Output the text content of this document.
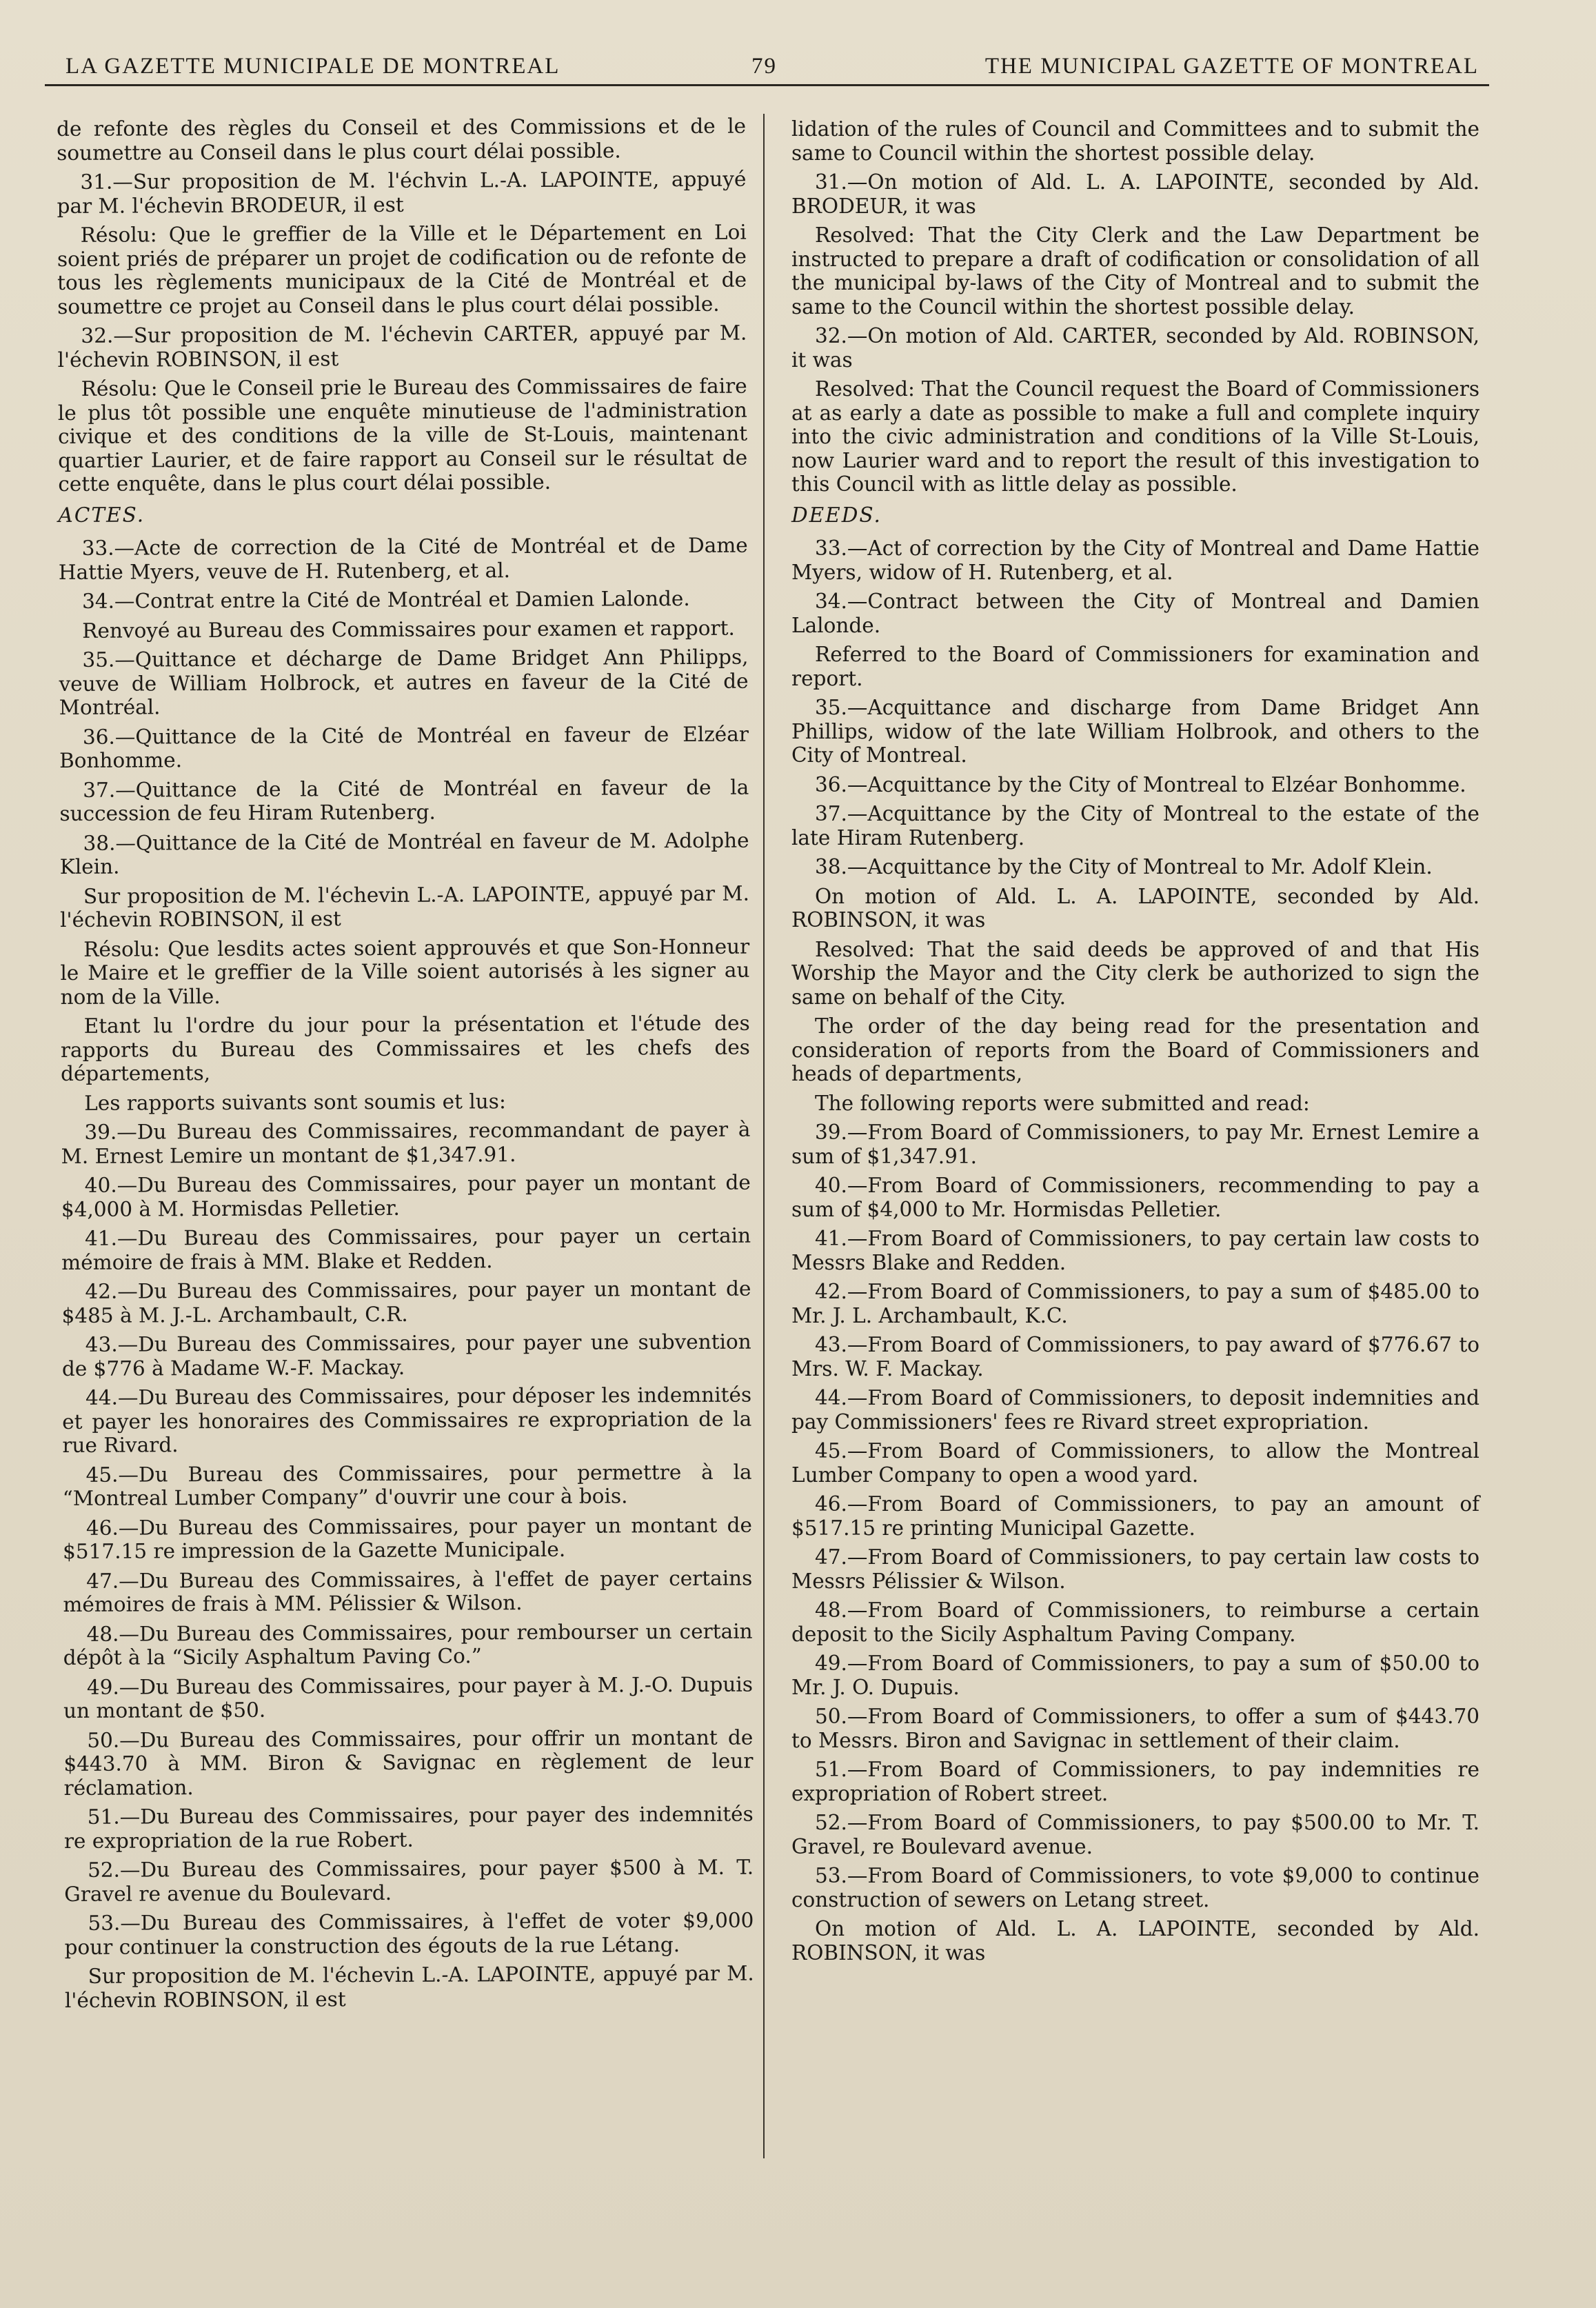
LA GAZETTE MUNICIPALE DE MONTREAL	79	THE MUNICIPAL GAZETTE OF MONTREAL

de refonte des règles du Conseil et des Commissions et de le soumettre au Conseil dans le plus court délai possible.

31.—Sur proposition de M. l'échvin L.-A. LAPOINTE, appuyé par M. l'échevin BRODEUR, il est

Résolu: Que le greffier de la Ville et le Département en Loi soient priés de préparer un projet de codification ou de refonte de tous les règlements municipaux de la Cité de Montréal et de soumettre ce projet au Conseil dans le plus court délai possible.

32.—Sur proposition de M. l'échevin CARTER, appuyé par M. l'échevin ROBINSON, il est

Résolu: Que le Conseil prie le Bureau des Commissaires de faire le plus tôt possible une enquête minutieuse de l'administration civique et des conditions de la ville de St-Louis, maintenant quartier Laurier, et de faire rapport au Conseil sur le résultat de cette enquête, dans le plus court délai possible.

ACTES.

33.—Acte de correction de la Cité de Montréal et de Dame Hattie Myers, veuve de H. Rutenberg, et al.

34.—Contrat entre la Cité de Montréal et Damien Lalonde.

Renvoyé au Bureau des Commissaires pour examen et rapport.

35.—Quittance et décharge de Dame Bridget Ann Philipps, veuve de William Holbrock, et autres en faveur de la Cité de Montréal.

36.—Quittance de la Cité de Montréal en faveur de Elzéar Bonhomme.

37.—Quittance de la Cité de Montréal en faveur de la succession de feu Hiram Rutenberg.

38.—Quittance de la Cité de Montréal en faveur de M. Adolphe Klein.

Sur proposition de M. l'échevin L.-A. LAPOINTE, appuyé par M. l'échevin ROBINSON, il est

Résolu: Que lesdits actes soient approuvés et que Son-Honneur le Maire et le greffier de la Ville soient autorisés à les signer au nom de la Ville.

Etant lu l'ordre du jour pour la présentation et l'étude des rapports du Bureau des Commissaires et les chefs des départements,

Les rapports suivants sont soumis et lus:

39.—Du Bureau des Commissaires, recommandant de payer à M. Ernest Lemire un montant de $1,347.91.

40.—Du Bureau des Commissaires, pour payer un montant de $4,000 à M. Hormisdas Pelletier.

41.—Du Bureau des Commissaires, pour payer un certain mémoire de frais à MM. Blake et Redden.

42.—Du Bureau des Commissaires, pour payer un montant de $485 à M. J.-L. Archambault, C.R.

43.—Du Bureau des Commissaires, pour payer une subvention de $776 à Madame W.-F. Mackay.

44.—Du Bureau des Commissaires, pour déposer les indemnités et payer les honoraires des Commissaires re expropriation de la rue Rivard.

45.—Du Bureau des Commissaires, pour permettre à la “Montreal Lumber Company” d'ouvrir une cour à bois.

46.—Du Bureau des Commissaires, pour payer un montant de $517.15 re impression de la Gazette Municipale.

47.—Du Bureau des Commissaires, à l'effet de payer certains mémoires de frais à MM. Pélissier & Wilson.

48.—Du Bureau des Commissaires, pour rembourser un certain dépôt à la “Sicily Asphaltum Paving Co.”

49.—Du Bureau des Commissaires, pour payer à M. J.-O. Dupuis un montant de $50.

50.—Du Bureau des Commissaires, pour offrir un montant de $443.70 à MM. Biron & Savignac en règlement de leur réclamation.

51.—Du Bureau des Commissaires, pour payer des indemnités re expropriation de la rue Robert.

52.—Du Bureau des Commissaires, pour payer $500 à M. T. Gravel re avenue du Boulevard.

53.—Du Bureau des Commissaires, à l'effet de voter $9,000 pour continuer la construction des égouts de la rue Létang.

Sur proposition de M. l'échevin L.-A. LAPOINTE, appuyé par M. l'échevin ROBINSON, il est

lidation of the rules of Council and Committees and to submit the same to Council within the shortest possible delay.

31.—On motion of Ald. L. A. LAPOINTE, seconded by Ald. BRODEUR, it was

Resolved: That the City Clerk and the Law Department be instructed to prepare a draft of codification or consolidation of all the municipal by-laws of the City of Montreal and to submit the same to the Council within the shortest possible delay.

32.—On motion of Ald. CARTER, seconded by Ald. ROBINSON, it was

Resolved: That the Council request the Board of Commissioners at as early a date as possible to make a full and complete inquiry into the civic administration and conditions of la Ville St-Louis, now Laurier ward and to report the result of this investigation to this Council with as little delay as possible.

DEEDS.

33.—Act of correction by the City of Montreal and Dame Hattie Myers, widow of H. Rutenberg, et al.

34.—Contract between the City of Montreal and Damien Lalonde.

Referred to the Board of Commissioners for examination and report.

35.—Acquittance and discharge from Dame Bridget Ann Phillips, widow of the late William Holbrook, and others to the City of Montreal.

36.—Acquittance by the City of Montreal to Elzéar Bonhomme.

37.—Acquittance by the City of Montreal to the estate of the late Hiram Rutenberg.

38.—Acquittance by the City of Montreal to Mr. Adolf Klein.

On motion of Ald. L. A. LAPOINTE, seconded by Ald. ROBINSON, it was

Resolved: That the said deeds be approved of and that His Worship the Mayor and the City clerk be authorized to sign the same on behalf of the City.

The order of the day being read for the presentation and consideration of reports from the Board of Commissioners and heads of departments,

The following reports were submitted and read:

39.—From Board of Commissioners, to pay Mr. Ernest Lemire a sum of $1,347.91.

40.—From Board of Commissioners, recommending to pay a sum of $4,000 to Mr. Hormisdas Pelletier.

41.—From Board of Commissioners, to pay certain law costs to Messrs Blake and Redden.

42.—From Board of Commissioners, to pay a sum of $485.00 to Mr. J. L. Archambault, K.C.

43.—From Board of Commissioners, to pay award of $776.67 to Mrs. W. F. Mackay.

44.—From Board of Commissioners, to deposit indemnities and pay Commissioners' fees re Rivard street expropriation.

45.—From Board of Commissioners, to allow the Montreal Lumber Company to open a wood yard.

46.—From Board of Commissioners, to pay an amount of $517.15 re printing Municipal Gazette.

47.—From Board of Commissioners, to pay certain law costs to Messrs Pélissier & Wilson.

48.—From Board of Commissioners, to reimburse a certain deposit to the Sicily Asphaltum Paving Company.

49.—From Board of Commissioners, to pay a sum of $50.00 to Mr. J. O. Dupuis.

50.—From Board of Commissioners, to offer a sum of $443.70 to Messrs. Biron and Savignac in settlement of their claim.

51.—From Board of Commissioners, to pay indemnities re expropriation of Robert street.

52.—From Board of Commissioners, to pay $500.00 to Mr. T. Gravel, re Boulevard avenue.

53.—From Board of Commissioners, to vote $9,000 to continue construction of sewers on Letang street.

On motion of Ald. L. A. LAPOINTE, seconded by Ald. ROBINSON, it was
